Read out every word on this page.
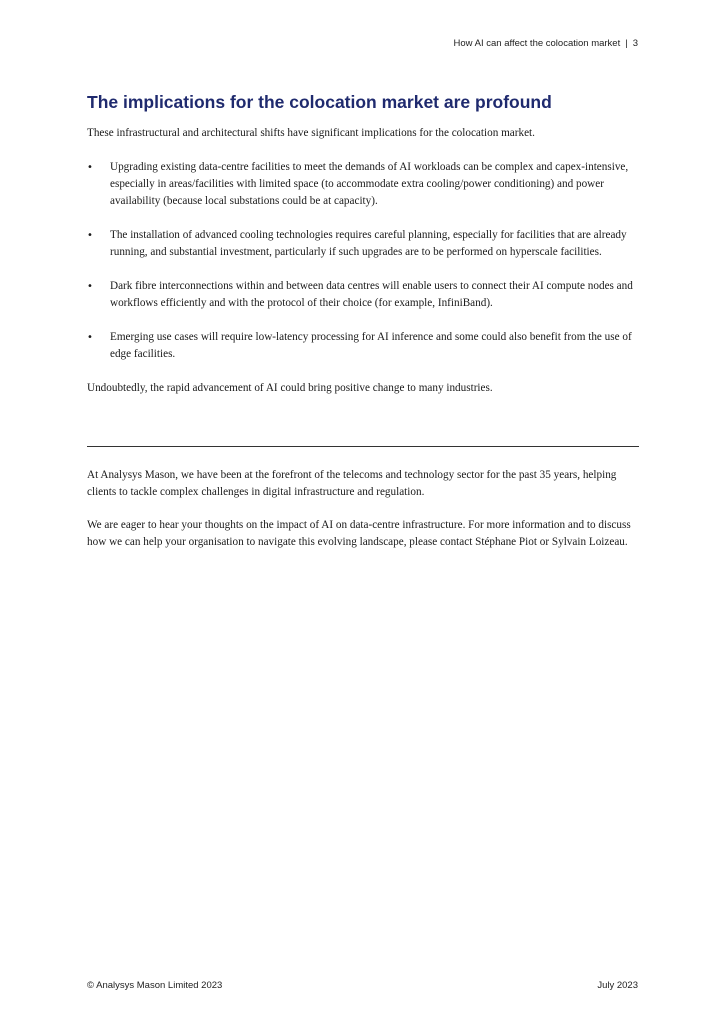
How AI can affect the colocation market | 3
The implications for the colocation market are profound

These infrastructural and architectural shifts have significant implications for the colocation market.

• Upgrading existing data-centre facilities to meet the demands of AI workloads can be complex and capex-intensive, especially in areas/facilities with limited space (to accommodate extra cooling/power conditioning) and power availability (because local substations could be at capacity).
• The installation of advanced cooling technologies requires careful planning, especially for facilities that are already running, and substantial investment, particularly if such upgrades are to be performed on hyperscale facilities.
• Dark fibre interconnections within and between data centres will enable users to connect their AI compute nodes and workflows efficiently and with the protocol of their choice (for example, InfiniBand).
• Emerging use cases will require low-latency processing for AI inference and some could also benefit from the use of edge facilities.

Undoubtedly, the rapid advancement of AI could bring positive change to many industries.

At Analysys Mason, we have been at the forefront of the telecoms and technology sector for the past 35 years, helping clients to tackle complex challenges in digital infrastructure and regulation.

We are eager to hear your thoughts on the impact of AI on data-centre infrastructure. For more information and to discuss how we can help your organisation to navigate this evolving landscape, please contact Stéphane Piot or Sylvain Loizeau.

© Analysys Mason Limited 2023	July 2023
